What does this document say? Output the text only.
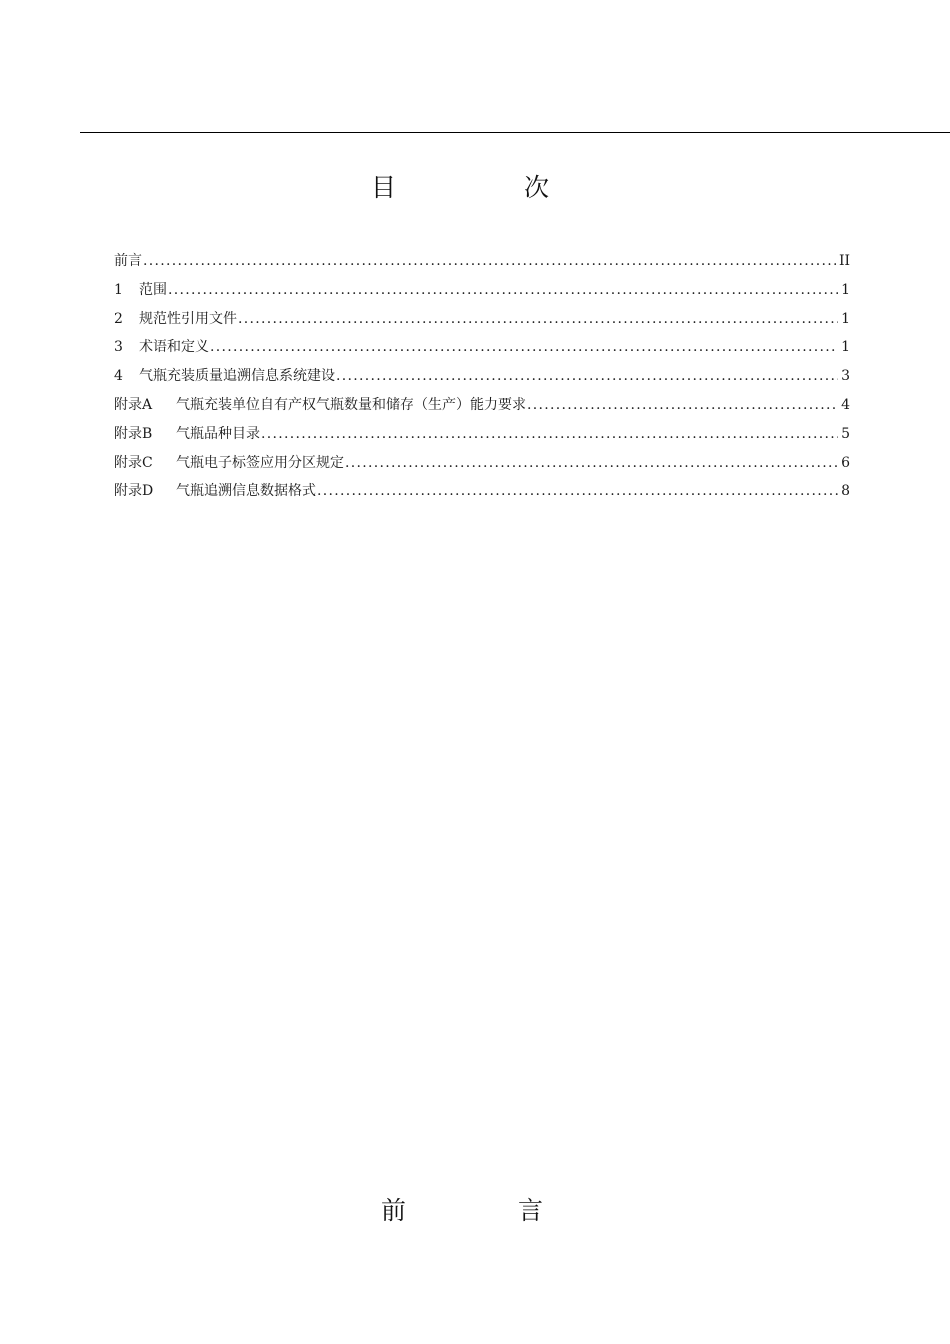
目 次
前言 .....	II
1	范围 .....	1
2	规范性引用文件 .....	1
3	术语和定义 .....	1
4	气瓶充装质量追溯信息系统建设 .....	3
附录A	气瓶充装单位自有产权气瓶数量和储存（生产）能力要求 .....	4
附录B	气瓶品种目录 .....	5
附录C	气瓶电子标签应用分区规定 .....	6
附录D	气瓶追溯信息数据格式 .....	8
前 言
